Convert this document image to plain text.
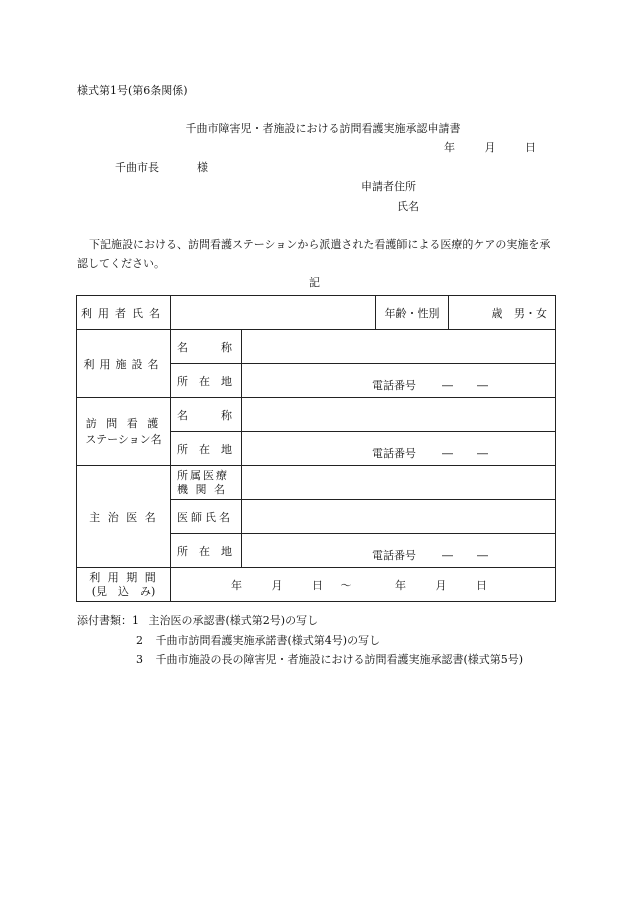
様式第1号(第6条関係)
千曲市障害児・者施設における訪問看護実施承認申請書
年	月	日
千曲市長	様
申請者住所
氏名
下記施設における、訪問看護ステーションから派遣された看護師による医療的ケアの実施を承認してください。
記
利用者氏名			年齢・性別	歳 男・女
利用施設名	名　　　称			
	所　在　地	電話番号 ― ―		

訪 問 看 護
ステーション名	名　　　称			
	所　在　地	電話番号 ― ―		

主 治 医 名	所属医療
機 関 名			

	医師氏名			
	所　在　地	電話番号 ― ―		

利 用 期 間
(見　込　み)	年 月 日 ～ 年 月 日			
添付書類：1 主治医の承認書(様式第2号)の写し
2 千曲市訪問看護実施承諾書(様式第4号)の写し
3 千曲市施設の長の障害児・者施設における訪問看護実施承認書(様式第5号)
